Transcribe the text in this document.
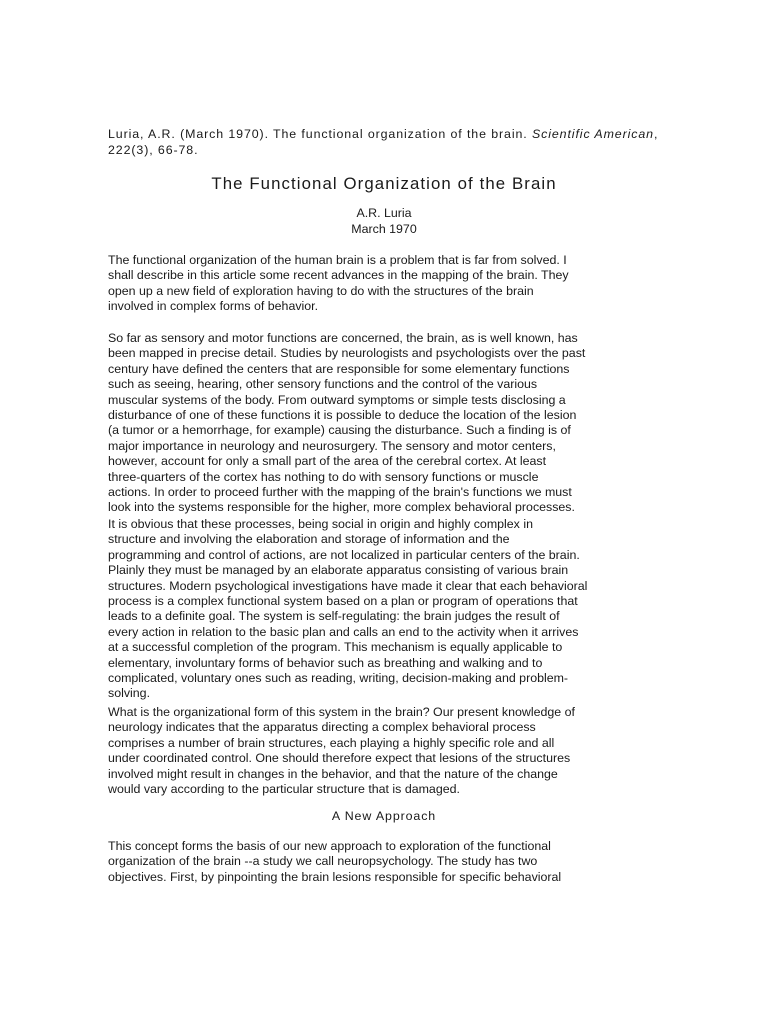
Luria, A.R. (March 1970). The functional organization of the brain. Scientific American, 222(3), 66-78.

The Functional Organization of the Brain
A.R. Luria
March 1970

The functional organization of the human brain is a problem that is far from solved. I
shall describe in this article some recent advances in the mapping of the brain. They
open up a new field of exploration having to do with the structures of the brain
involved in complex forms of behavior.

So far as sensory and motor functions are concerned, the brain, as is well known, has
been mapped in precise detail. Studies by neurologists and psychologists over the past
century have defined the centers that are responsible for some elementary functions
such as seeing, hearing, other sensory functions and the control of the various
muscular systems of the body. From outward symptoms or simple tests disclosing a
disturbance of one of these functions it is possible to deduce the location of the lesion
(a tumor or a hemorrhage, for example) causing the disturbance. Such a finding is of
major importance in neurology and neurosurgery. The sensory and motor centers,
however, account for only a small part of the area of the cerebral cortex. At least
three-quarters of the cortex has nothing to do with sensory functions or muscle
actions. In order to proceed further with the mapping of the brain's functions we must
look into the systems responsible for the higher, more complex behavioral processes.

It is obvious that these processes, being social in origin and highly complex in
structure and involving the elaboration and storage of information and the
programming and control of actions, are not localized in particular centers of the brain.
Plainly they must be managed by an elaborate apparatus consisting of various brain
structures. Modern psychological investigations have made it clear that each behavioral
process is a complex functional system based on a plan or program of operations that
leads to a definite goal. The system is self-regulating: the brain judges the result of
every action in relation to the basic plan and calls an end to the activity when it arrives
at a successful completion of the program. This mechanism is equally applicable to
elementary, involuntary forms of behavior such as breathing and walking and to
complicated, voluntary ones such as reading, writing, decision-making and problem-
solving.

What is the organizational form of this system in the brain? Our present knowledge of
neurology indicates that the apparatus directing a complex behavioral process
comprises a number of brain structures, each playing a highly specific role and all
under coordinated control. One should therefore expect that lesions of the structures
involved might result in changes in the behavior, and that the nature of the change
would vary according to the particular structure that is damaged.

A New Approach

This concept forms the basis of our new approach to exploration of the functional
organization of the brain --a study we call neuropsychology. The study has two
objectives. First, by pinpointing the brain lesions responsible for specific behavioral
